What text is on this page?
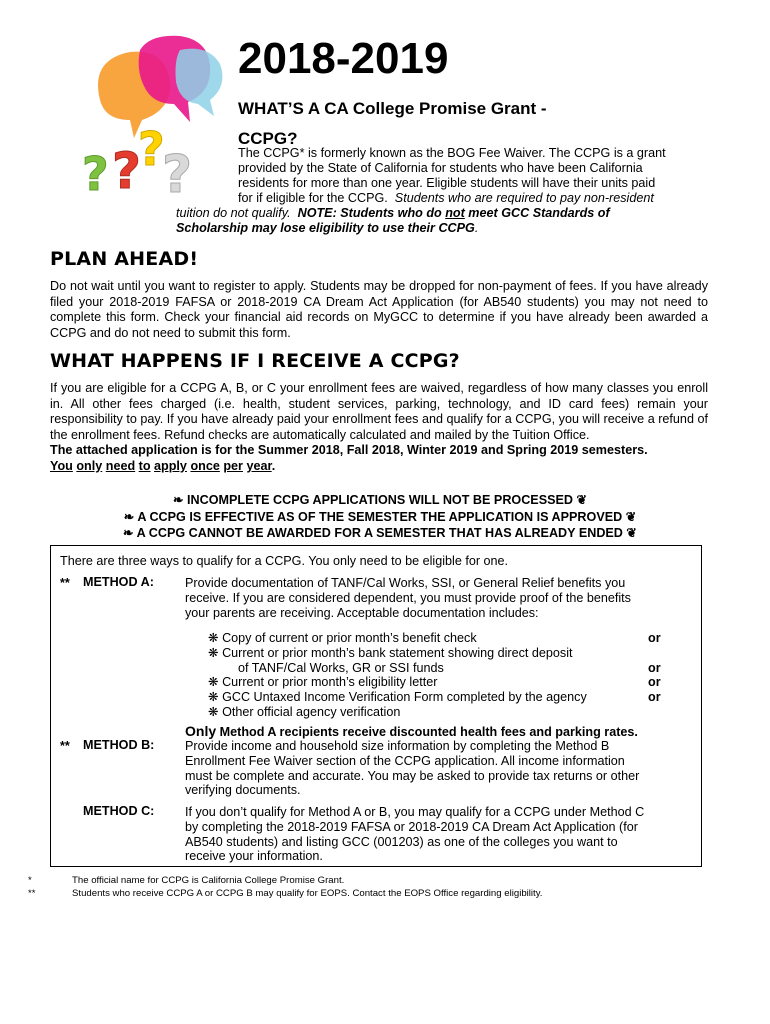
? ?
?
?
2018-2019
WHAT’S A CA College Promise Grant -
CCPG?

The CCPG* is formerly known as the BOG Fee Waiver. The CCPG is a grant

provided by the State of California for students who have been California

residents for more than one year. Eligible students will have their units paid

for if eligible for the CCPG. Students who are required to pay non-resident

tuition do not qualify. NOTE: Students who do not meet GCC Standards of

Scholarship may lose eligibility to use their CCPG.

PLAN AHEAD!

Do not wait until you want to register to apply. Students may be dropped for non-payment of fees. If you have already filed your 2018-2019 FAFSA or 2018-2019 CA Dream Act Application (for AB540 students) you may not need to complete this form. Check your financial aid records on MyGCC to determine if you have already been awarded a CCPG and do not need to submit this form.

WHAT HAPPENS IF I RECEIVE A CCPG?

If you are eligible for a CCPG A, B, or C your enrollment fees are waived, regardless of how many classes you enroll in. All other fees charged (i.e. health, student services, parking, technology, and ID card fees) remain your responsibility to pay. If you have already paid your enrollment fees and qualify for a CCPG, you will receive a refund of the enrollment fees. Refund checks are automatically calculated and mailed by the Tuition Office.

The attached application is for the Summer 2018, Fall 2018, Winter 2019 and Spring 2019 semesters.

You only need to apply once per year.

❧ INCOMPLETE CCPG APPLICATIONS WILL NOT BE PROCESSED ❦
❧ A CCPG IS EFFECTIVE AS OF THE SEMESTER THE APPLICATION IS APPROVED ❦
❧ A CCPG CANNOT BE AWARDED FOR A SEMESTER THAT HAS ALREADY ENDED ❦
There are three ways to qualify for a CCPG. You only need to be eligible for one.
** METHOD A: Provide documentation of TANF/Cal Works, SSI, or General Relief benefits you
receive. If you are considered dependent, you must provide proof of the benefits
your parents are receiving. Acceptable documentation includes:
❋ Copy of current or prior month’s benefit check	or
❋ Current or prior month’s bank statement showing direct deposit
of TANF/Cal Works, GR or SSI funds	or
❋ Current or prior month’s eligibility letter	or
❋ GCC Untaxed Income Verification Form completed by the agency	or
❋ Other official agency verification
Only Method A recipients receive discounted health fees and parking rates.
** METHOD B: Provide income and household size information by completing the Method B
Enrollment Fee Waiver section of the CCPG application. All income information
must be complete and accurate. You may be asked to provide tax returns or other
verifying documents.
METHOD C: If you don’t qualify for Method A or B, you may qualify for a CCPG under Method C
by completing the 2018-2019 FAFSA or 2018-2019 CA Dream Act Application (for
AB540 students) and listing GCC (001203) as one of the colleges you want to
receive your information.
*	The official name for CCPG is California College Promise Grant.
**	Students who receive CCPG A or CCPG B may qualify for EOPS. Contact the EOPS Office regarding eligibility.
